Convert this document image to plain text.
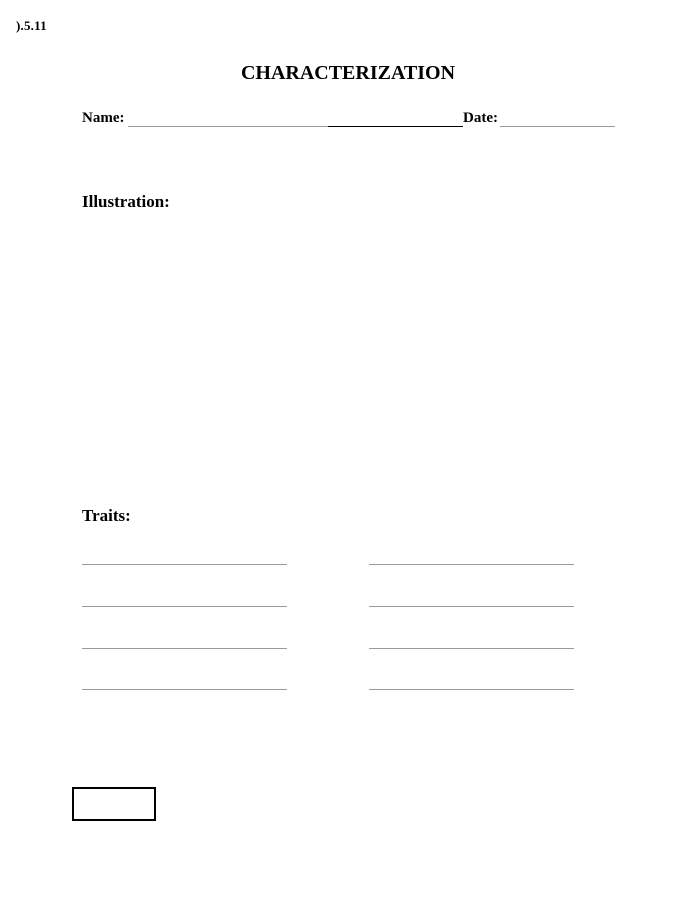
).5.11
CHARACTERIZATION
Name:	Date:
Illustration:
Traits:
